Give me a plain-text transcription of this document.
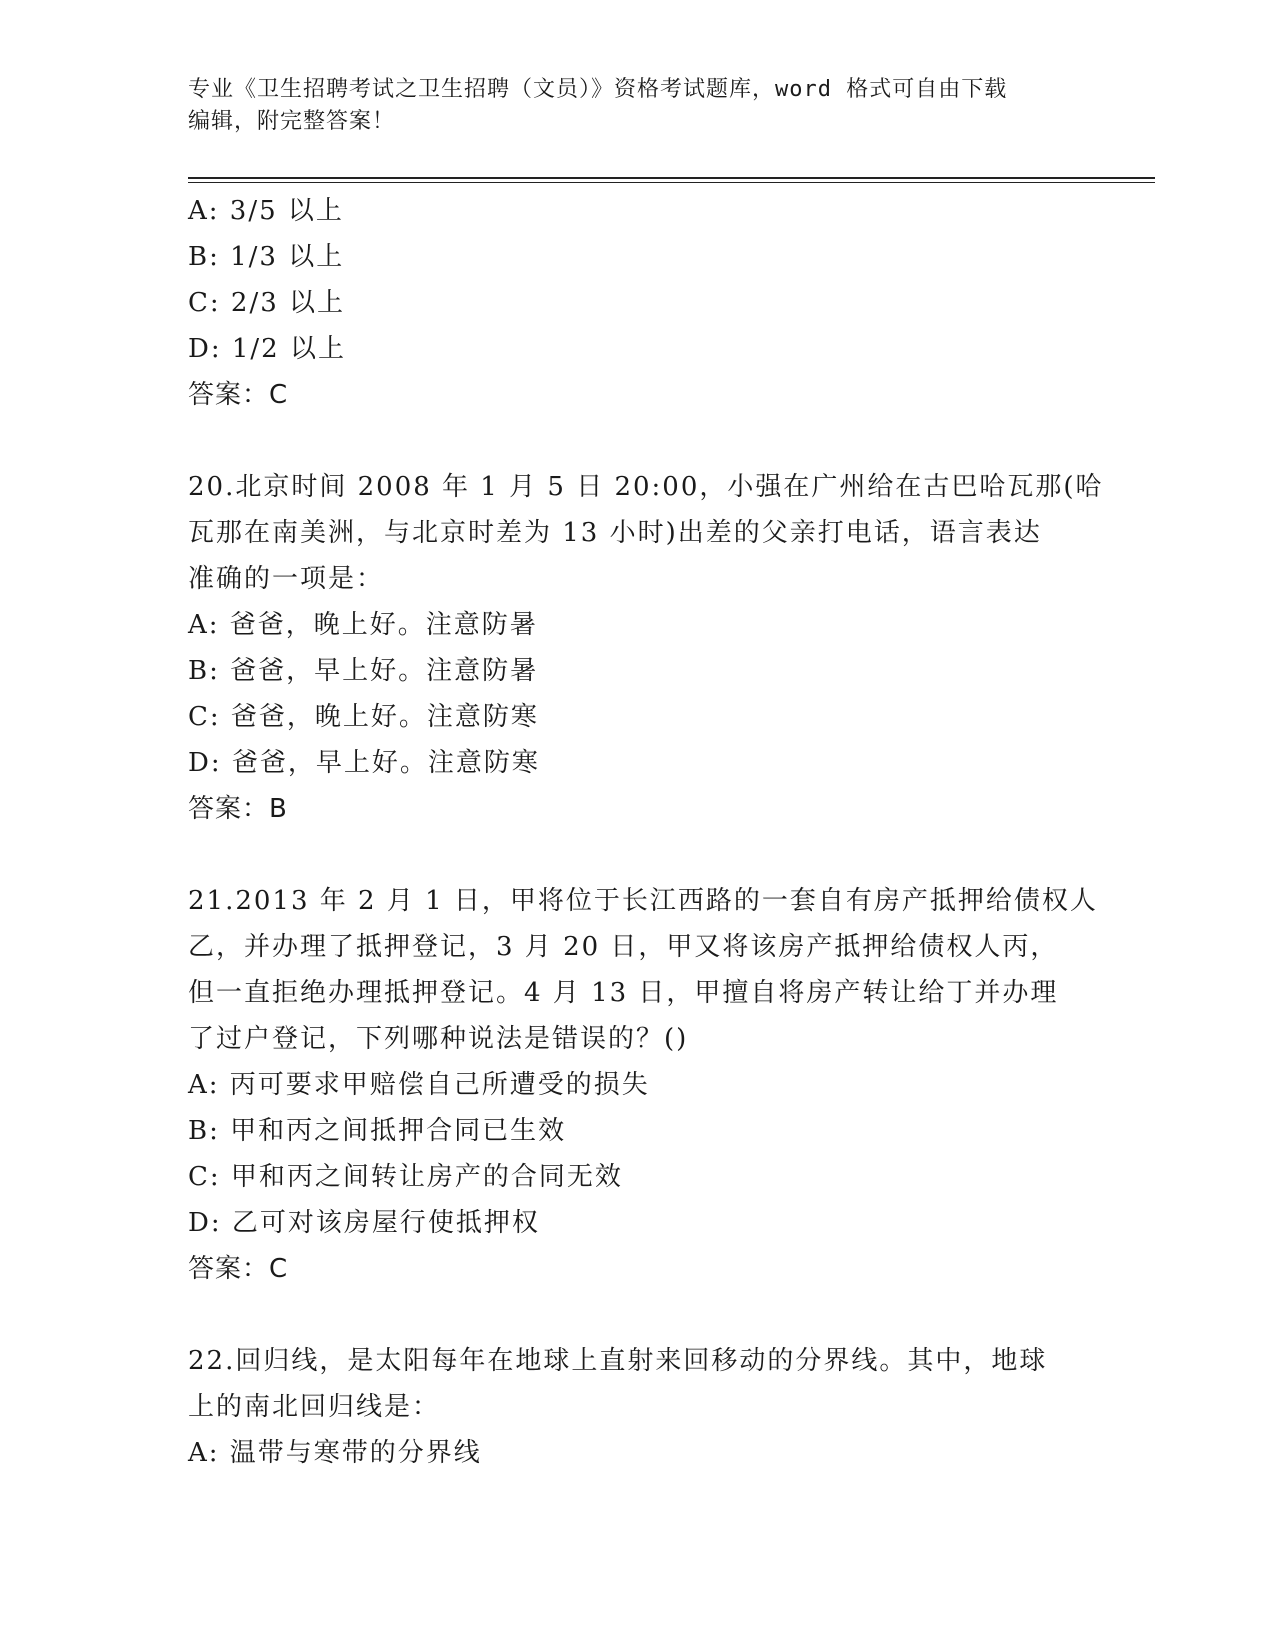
专业《卫生招聘考试之卫生招聘（文员）》资格考试题库，word 格式可自由下载
编辑，附完整答案！
A: 3/5 以上
B: 1/3 以上
C: 2/3 以上
D: 1/2 以上
答案：C
20.北京时间 2008 年 1 月 5 日 20:00，小强在广州给在古巴哈瓦那(哈
瓦那在南美洲，与北京时差为 13 小时)出差的父亲打电话，语言表达
准确的一项是：
A: 爸爸，晚上好。注意防暑
B: 爸爸，早上好。注意防暑
C: 爸爸，晚上好。注意防寒
D: 爸爸，早上好。注意防寒
答案：B
21.2013 年 2 月 1 日，甲将位于长江西路的一套自有房产抵押给债权人
乙，并办理了抵押登记，3 月 20 日，甲又将该房产抵押给债权人丙，
但一直拒绝办理抵押登记。4 月 13 日，甲擅自将房产转让给丁并办理
了过户登记，下列哪种说法是错误的？()
A: 丙可要求甲赔偿自己所遭受的损失
B: 甲和丙之间抵押合同已生效
C: 甲和丙之间转让房产的合同无效
D: 乙可对该房屋行使抵押权
答案：C
22.回归线，是太阳每年在地球上直射来回移动的分界线。其中，地球
上的南北回归线是：
A: 温带与寒带的分界线
